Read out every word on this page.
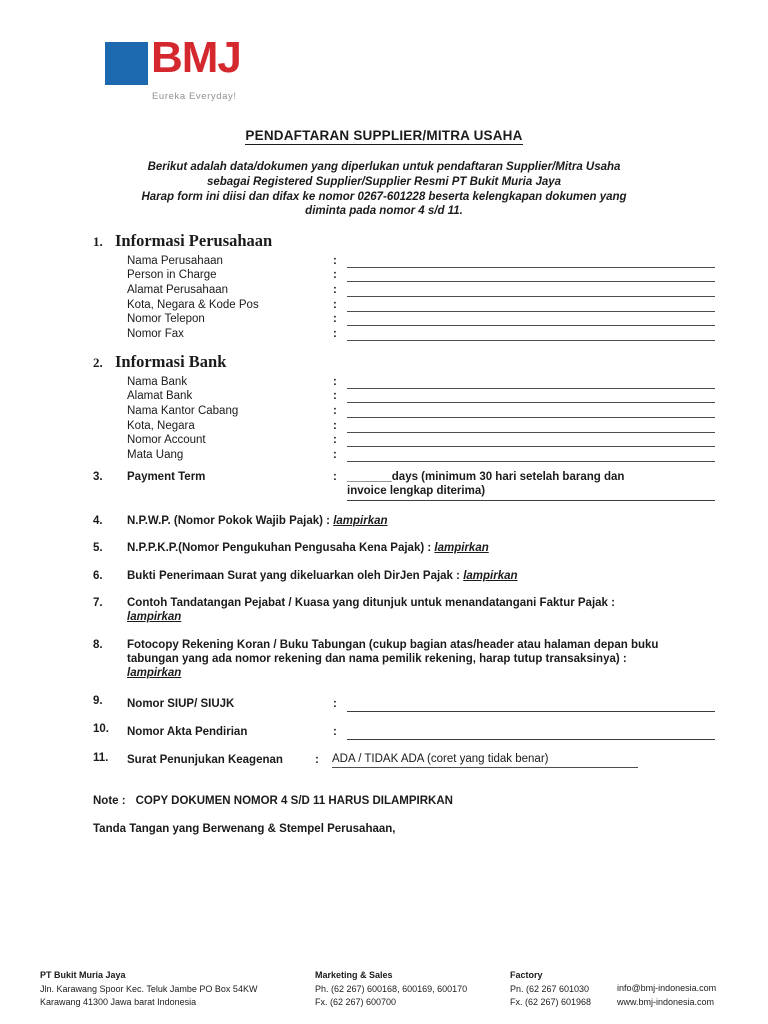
BMJ
Eureka Everyday!
PENDAFTARAN SUPPLIER/MITRA USAHA
Berikut adalah data/dokumen yang diperlukan untuk pendaftaran Supplier/Mitra Usaha
sebagai Registered Supplier/Supplier Resmi PT Bukit Muria Jaya
Harap form ini diisi dan difax ke nomor 0267-601228 beserta kelengkapan dokumen yang
diminta pada nomor 4 s/d 11.
1. Informasi Perusahaan
Nama Perusahaan	:
Person in Charge	:
Alamat Perusahaan	:
Kota, Negara & Kode Pos	:
Nomor Telepon	:
Nomor Fax	:
2. Informasi Bank
Nama Bank	:
Alamat Bank	:
Nama Kantor Cabang	:
Kota, Negara	:
Nomor Account	:
Mata Uang	:
3. Payment Term	: _______days (minimum 30 hari setelah barang dan
invoice lengkap diterima)
4. N.P.W.P. (Nomor Pokok Wajib Pajak) : lampirkan
5. N.P.P.K.P.(Nomor Pengukuhan Pengusaha Kena Pajak) : lampirkan
6. Bukti Penerimaan Surat yang dikeluarkan oleh DirJen Pajak : lampirkan
7. Contoh Tandatangan Pejabat / Kuasa yang ditunjuk untuk menandatangani Faktur Pajak : lampirkan
8. Fotocopy Rekening Koran / Buku Tabungan (cukup bagian atas/header atau halaman depan buku tabungan yang ada nomor rekening dan nama pemilik rekening, harap tutup transaksinya) : lampirkan
9. Nomor SIUP/ SIUJK	:
10. Nomor Akta Pendirian	:
11. Surat Penunjukan Keagenan	:	ADA / TIDAK ADA (coret yang tidak benar)
Note : COPY DOKUMEN NOMOR 4 S/D 11 HARUS DILAMPIRKAN
Tanda Tangan yang Berwenang & Stempel Perusahaan,
PT Bukit Muria Jaya
Jln. Karawang Spoor Kec. Teluk Jambe PO Box 54KW
Karawang 41300 Jawa barat Indonesia
Marketing & Sales
Ph. (62 267) 600168, 600169, 600170
Fx. (62 267) 600700
Factory
Pn. (62 267 601030
Fx. (62 267) 601968
info@bmj-indonesia.com
www.bmj-indonesia.com
